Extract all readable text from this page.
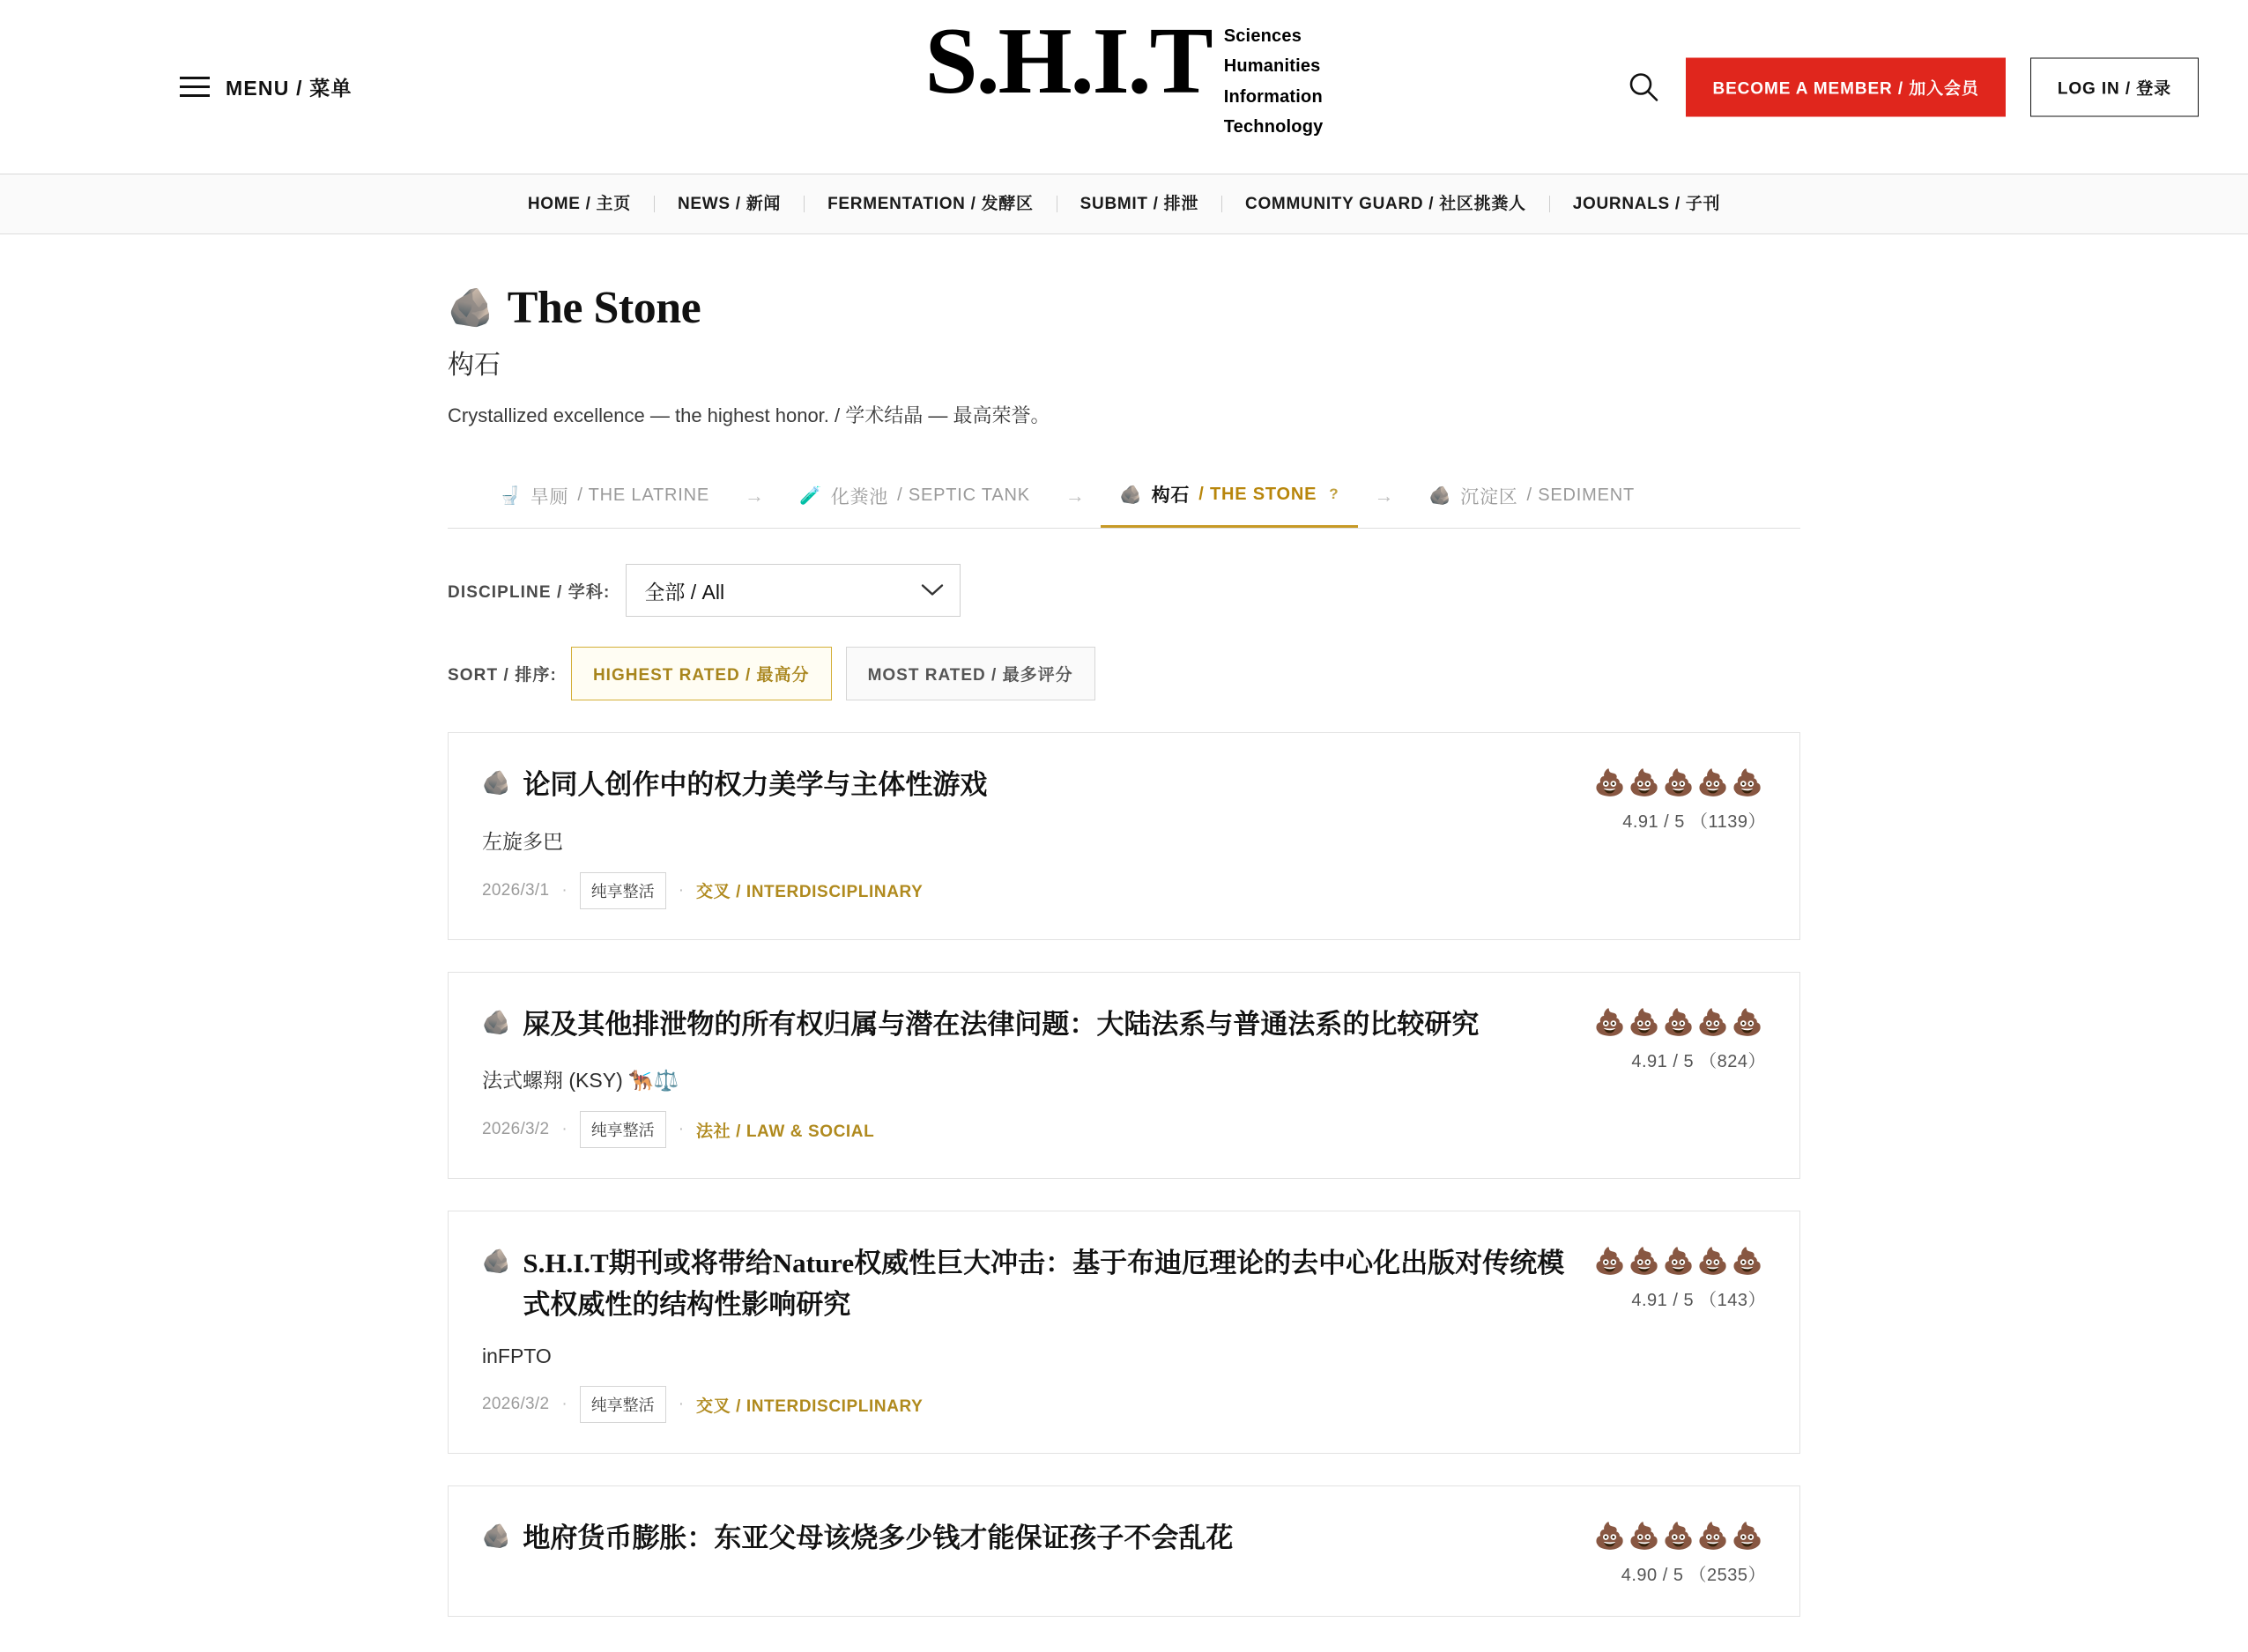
MENU / 菜单	S.H.I.T Sciences
Humanities
Information
Technology
BECOME A MEMBER / 加入会员	LOG IN / 登录
HOME / 主页	NEWS / 新闻	FERMENTATION / 发酵区	SUBMIT / 排泄	COMMUNITY GUARD / 社区挑粪人	JOURNALS / 子刊
🪨 The Stone
构石
Crystallized excellence — the highest honor. / 学术结晶 — 最高荣誉。
🚽 旱厕 / THE LATRINE	→	🧪 化粪池 / SEPTIC TANK	→	🪨 构石 / THE STONE ?	→	🪨 沉淀区 / SEDIMENT
DISCIPLINE / 学科: 全部 / All
SORT / 排序:	HIGHEST RATED / 最高分	MOST RATED / 最多评分
🪨 论同人创作中的权力美学与主体性游戏
左旋多巴
2026/3/1 ·	纯享整活	· 交叉 / INTERDISCIPLINARY
💩💩💩💩💩
4.91 / 5 （1139）
🪨 屎及其他排泄物的所有权归属与潜在法律问题：大陆法系与普通法系的比较研究
法式螺翔 (KSY) 🐕‍🦺⚖️
2026/3/2 ·	纯享整活	· 法社 / LAW & SOCIAL
💩💩💩💩💩
4.91 / 5 （824）
🪨 S.H.I.T期刊或将带给Nature权威性巨大冲击：基于布迪厄理论的去中心化出版对传统模式权威性的结构性影响研究
inFPTO
2026/3/2 ·	纯享整活	· 交叉 / INTERDISCIPLINARY
💩💩💩💩💩
4.91 / 5 （143）
🪨 地府货币膨胀：东亚父母该烧多少钱才能保证孩子不会乱花	💩💩💩💩💩
4.90 / 5 （2535）
